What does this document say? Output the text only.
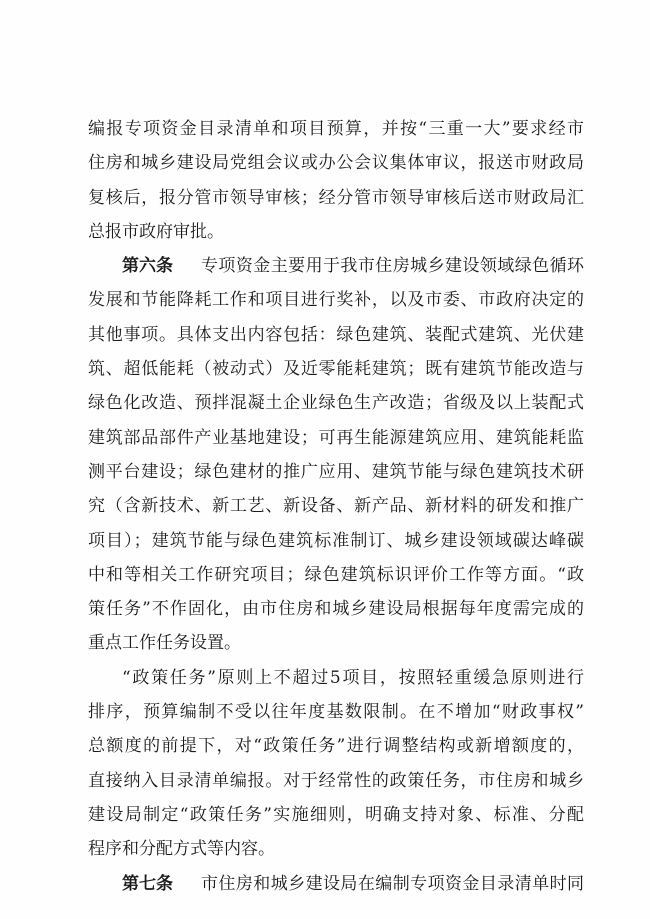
编报专项资金目录清单和项目预算，并按“三重一大”要求经市
住房和城乡建设局党组会议或办公会议集体审议，报送市财政局
复核后，报分管市领导审核；经分管市领导审核后送市财政局汇
总报市政府审批。
第六条 专项资金主要用于我市住房城乡建设领域绿色循环
发展和节能降耗工作和项目进行奖补，以及市委、市政府决定的
其他事项。具体支出内容包括：绿色建筑、装配式建筑、光伏建
筑、超低能耗（被动式）及近零能耗建筑；既有建筑节能改造与
绿色化改造、预拌混凝土企业绿色生产改造；省级及以上装配式
建筑部品部件产业基地建设；可再生能源建筑应用、建筑能耗监
测平台建设；绿色建材的推广应用、建筑节能与绿色建筑技术研
究（含新技术、新工艺、新设备、新产品、新材料的研发和推广
项目）；建筑节能与绿色建筑标准制订、城乡建设领域碳达峰碳
中和等相关工作研究项目；绿色建筑标识评价工作等方面。“政
策任务”不作固化，由市住房和城乡建设局根据每年度需完成的
重点工作任务设置。
“政策任务”原则上不超过5项目，按照轻重缓急原则进行
排序，预算编制不受以往年度基数限制。在不增加“财政事权”
总额度的前提下，对“政策任务”进行调整结构或新增额度的，
直接纳入目录清单编报。对于经常性的政策任务，市住房和城乡
建设局制定“政策任务”实施细则，明确支持对象、标准、分配
程序和分配方式等内容。
第七条 市住房和城乡建设局在编制专项资金目录清单时同
